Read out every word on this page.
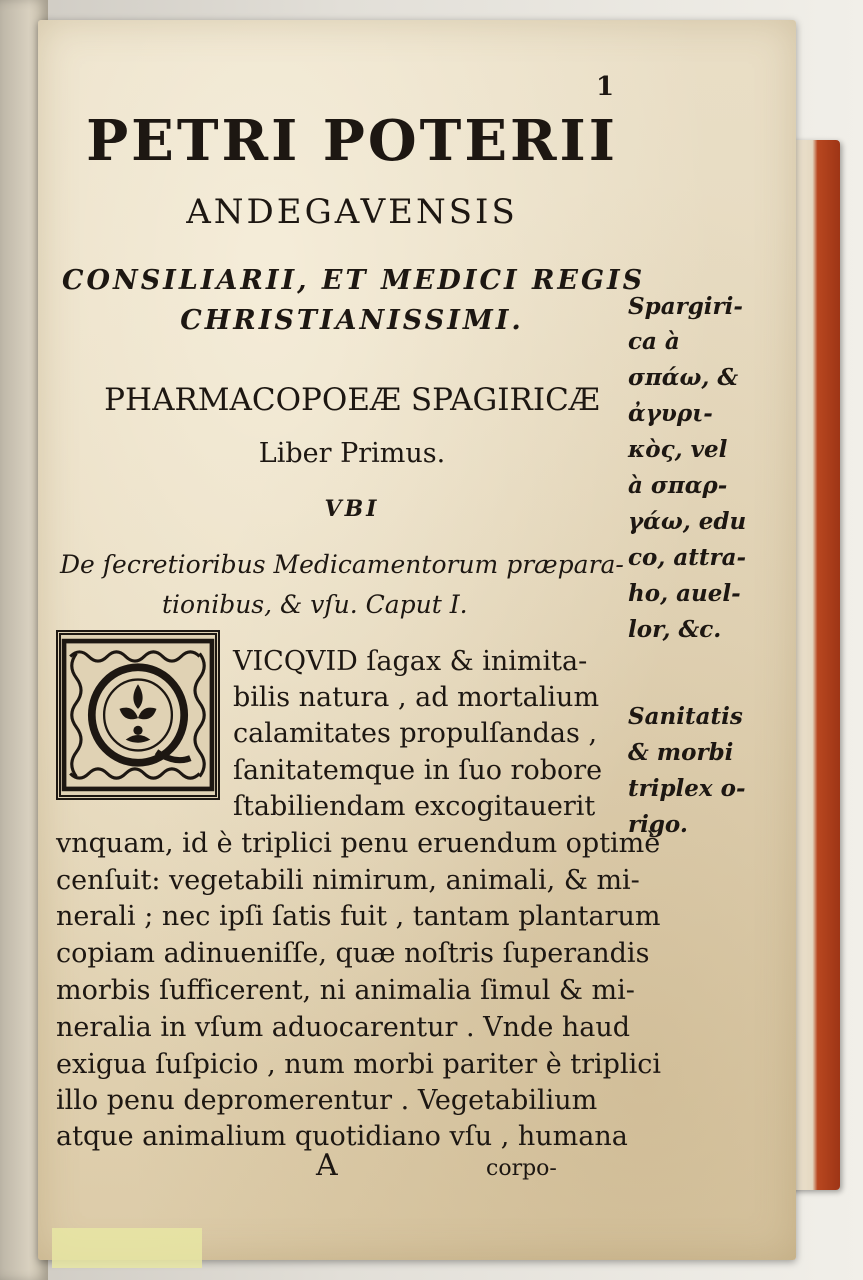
1
PETRI POTERII
ANDEGAVENSIS
CONSILIARII, ET MEDICI REGIS
CHRISTIANISSIMI.
PHARMACOPOEÆ SPAGIRICÆ
Liber Primus.
VBI
De ſecretioribus Medicamentorum præpara-
tionibus, & vſu. Caput I.
VICQVID ſagax & inimita-
bilis natura , ad mortalium
calamitates propulſandas ,
ſanitatemque in ſuo robore
ſtabiliendam excogitauerit
vnquam, id è triplici penu eruendum optimè
cenſuit: vegetabili nimirum, animali, & mi-
nerali ; nec ipſi ſatis fuit , tantam plantarum
copiam adinueniſſe, quæ noſtris ſuperandis
morbis ſufficerent, ni animalia ſimul & mi-
neralia in vſum aduocarentur . Vnde haud
exigua ſuſpicio , num morbi pariter è triplici
illo penu depromerentur . Vegetabilium
atque animalium quotidiano vſu , humana
Spargiri-
ca à
σπάω, &
ἀγυρι-
κὸς, vel
à σπαρ-
γάω, edu
co, attra-
ho, auel-
lor, &c.
Sanitatis
& morbi
triplex o-
rigo.
A	corpo-
